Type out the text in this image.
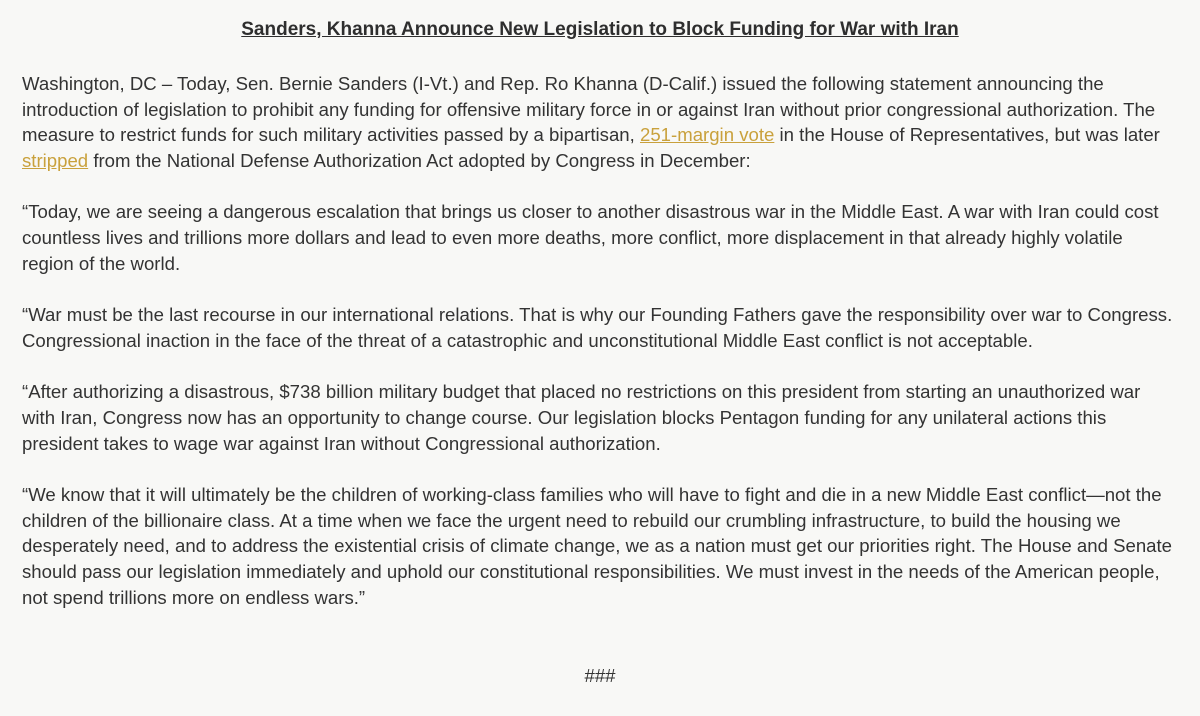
Sanders, Khanna Announce New Legislation to Block Funding for War with Iran

Washington, DC – Today, Sen. Bernie Sanders (I-Vt.) and Rep. Ro Khanna (D-Calif.) issued the following statement announcing the introduction of legislation to prohibit any funding for offensive military force in or against Iran without prior congressional authorization. The measure to restrict funds for such military activities passed by a bipartisan, 251-margin vote in the House of Representatives, but was later stripped from the National Defense Authorization Act adopted by Congress in December:

“Today, we are seeing a dangerous escalation that brings us closer to another disastrous war in the Middle East. A war with Iran could cost countless lives and trillions more dollars and lead to even more deaths, more conflict, more displacement in that already highly volatile region of the world.

“War must be the last recourse in our international relations. That is why our Founding Fathers gave the responsibility over war to Congress. Congressional inaction in the face of the threat of a catastrophic and unconstitutional Middle East conflict is not acceptable.

“After authorizing a disastrous, $738 billion military budget that placed no restrictions on this president from starting an unauthorized war with Iran, Congress now has an opportunity to change course. Our legislation blocks Pentagon funding for any unilateral actions this president takes to wage war against Iran without Congressional authorization.

“We know that it will ultimately be the children of working-class families who will have to fight and die in a new Middle East conflict—not the children of the billionaire class. At a time when we face the urgent need to rebuild our crumbling infrastructure, to build the housing we desperately need, and to address the existential crisis of climate change, we as a nation must get our priorities right. The House and Senate should pass our legislation immediately and uphold our constitutional responsibilities. We must invest in the needs of the American people, not spend trillions more on endless wars.”

###
